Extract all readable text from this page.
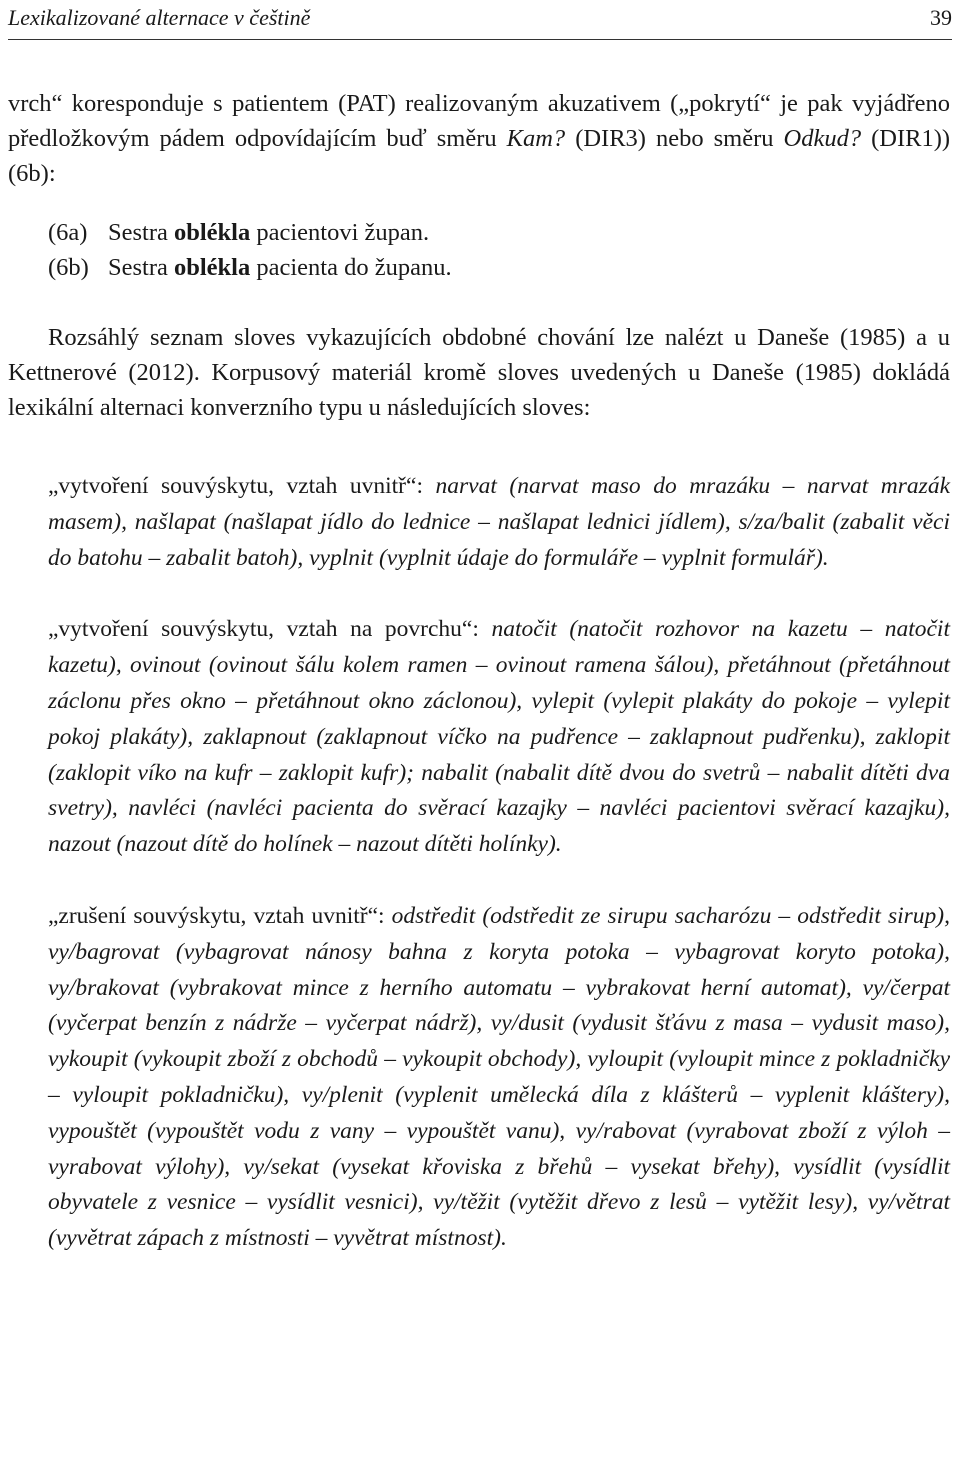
Lexikalizované alternace v češtině	39

vrch“ koresponduje s patientem (PAT) realizovaným akuzativem („pokrytí“ je pak vyjádřeno předložkovým pádem odpovídajícím buď směru Kam? (DIR3) nebo směru Odkud? (DIR1)) (6b):

(6a) Sestra oblékla pacientovi župan.
(6b) Sestra oblékla pacienta do županu.

Rozsáhlý seznam sloves vykazujících obdobné chování lze nalézt u Daneše (1985) a u Kettnerové (2012). Korpusový materiál kromě sloves uvedených u Daneše (1985) dokládá lexikální alternaci konverzního typu u následujících sloves:

„vytvoření souvýskytu, vztah uvnitř“: narvat (narvat maso do mrazáku – narvat mrazák masem), našlapat (našlapat jídlo do lednice – našlapat lednici jídlem), s/za/balit (zabalit věci do batohu – zabalit batoh), vyplnit (vyplnit údaje do formuláře – vyplnit formulář).

„vytvoření souvýskytu, vztah na povrchu“: natočit (natočit rozhovor na kazetu – natočit kazetu), ovinout (ovinout šálu kolem ramen – ovinout ramena šálou), přetáhnout (přetáhnout záclonu přes okno – přetáhnout okno záclonou), vylepit (vylepit plakáty do pokoje – vylepit pokoj plakáty), zaklapnout (zaklapnout víčko na pudřence – zaklapnout pudřenku), zaklopit (zaklopit víko na kufr – zaklopit kufr); nabalit (nabalit dítě dvou do svetrů – nabalit dítěti dva svetry), navléci (navléci pacienta do svěrací kazajky – navléci pacientovi svěrací kazajku), nazout (nazout dítě do holínek – nazout dítěti holínky).

„zrušení souvýskytu, vztah uvnitř“: odstředit (odstředit ze sirupu sacharózu – odstředit sirup), vy/bagrovat (vybagrovat nánosy bahna z koryta potoka – vybagrovat koryto potoka), vy/brakovat (vybrakovat mince z herního automatu – vybrakovat herní automat), vy/čerpat (vyčerpat benzín z nádrže – vyčerpat nádrž), vy/dusit (vydusit šťávu z masa – vydusit maso), vykoupit (vykoupit zboží z obchodů – vykoupit obchody), vyloupit (vyloupit mince z pokladničky – vyloupit pokladničku), vy/plenit (vyplenit umělecká díla z klášterů – vyplenit kláštery), vypouštět (vypouštět vodu z vany – vypouštět vanu), vy/rabovat (vyrabovat zboží z výloh – vyrabovat výlohy), vy/sekat (vysekat křoviska z břehů – vysekat břehy), vysídlit (vysídlit obyvatele z vesnice – vysídlit vesnici), vy/těžit (vytěžit dřevo z lesů – vytěžit lesy), vy/větrat (vyvětrat zápach z místnosti – vyvětrat místnost).
